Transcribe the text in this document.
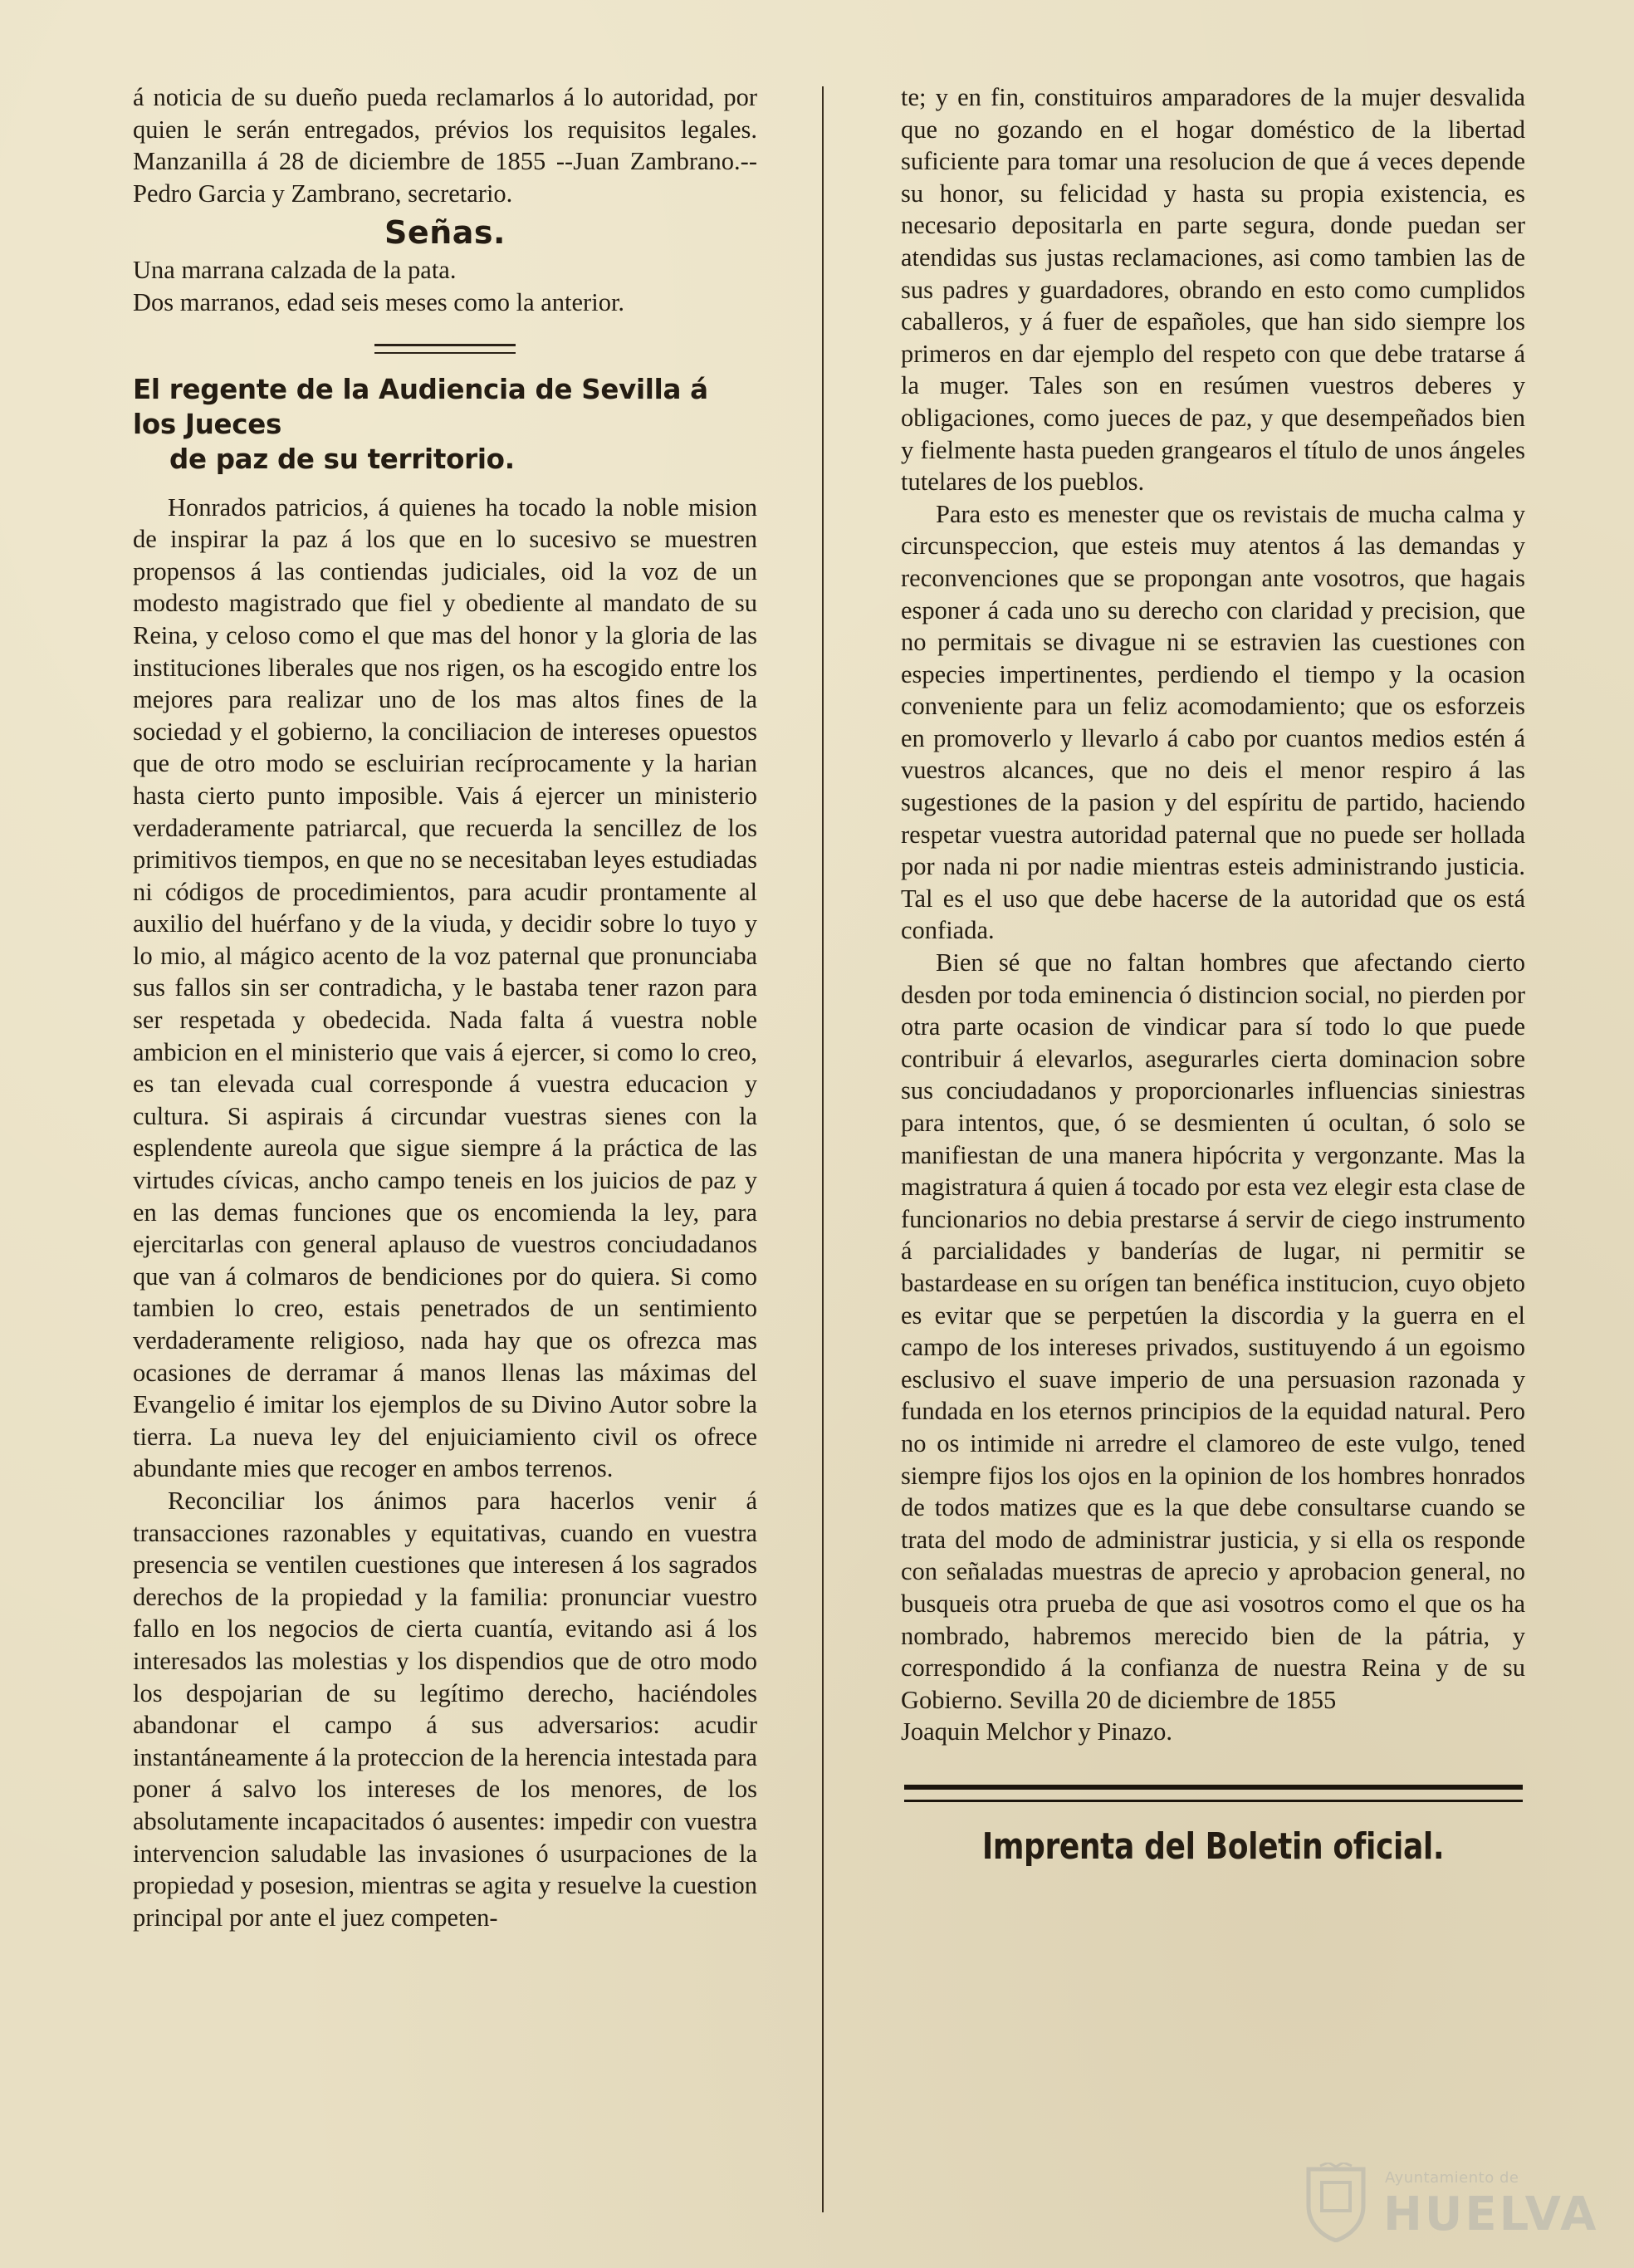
á noticia de su dueño pueda reclamarlos á lo autoridad, por quien le serán entregados, prévios los requisitos legales. Manzanilla á 28 de diciembre de 1855 --Juan Zambrano.--Pedro Garcia y Zambrano, secretario.

Señas.

Una marrana calzada de la pata.

Dos marranos, edad seis meses como la anterior.

El regente de la Audiencia de Sevilla á los Jueces
de paz de su territorio.

Honrados patricios, á quienes ha tocado la noble mision de inspirar la paz á los que en lo sucesivo se muestren propensos á las contiendas judiciales, oid la voz de un modesto magistrado que fiel y obediente al mandato de su Reina, y celoso como el que mas del honor y la gloria de las instituciones liberales que nos rigen, os ha escogido entre los mejores para realizar uno de los mas altos fines de la sociedad y el gobierno, la conciliacion de intereses opuestos que de otro modo se escluirian recíprocamente y la harian hasta cierto punto imposible. Vais á ejercer un ministerio verdaderamente patriarcal, que recuerda la sencillez de los primitivos tiempos, en que no se necesitaban leyes estudiadas ni códigos de procedimientos, para acudir prontamente al auxilio del huérfano y de la viuda, y decidir sobre lo tuyo y lo mio, al mágico acento de la voz paternal que pronunciaba sus fallos sin ser contradicha, y le bastaba tener razon para ser respetada y obedecida. Nada falta á vuestra noble ambicion en el ministerio que vais á ejercer, si como lo creo, es tan elevada cual corresponde á vuestra educacion y cultura. Si aspirais á circundar vuestras sienes con la esplendente aureola que sigue siempre á la práctica de las virtudes cívicas, ancho campo teneis en los juicios de paz y en las demas funciones que os encomienda la ley, para ejercitarlas con general aplauso de vuestros conciudadanos que van á colmaros de bendiciones por do quiera. Si como tambien lo creo, estais penetrados de un sentimiento verdaderamente religioso, nada hay que os ofrezca mas ocasiones de derramar á manos llenas las máximas del Evangelio é imitar los ejemplos de su Divino Autor sobre la tierra. La nueva ley del enjuiciamiento civil os ofrece abundante mies que recoger en ambos terrenos.

Reconciliar los ánimos para hacerlos venir á transacciones razonables y equitativas, cuando en vuestra presencia se ventilen cuestiones que interesen á los sagrados derechos de la propiedad y la familia: pronunciar vuestro fallo en los negocios de cierta cuantía, evitando asi á los interesados las molestias y los dispendios que de otro modo los despojarian de su legítimo derecho, haciéndoles abandonar el campo á sus adversarios: acudir instantáneamente á la proteccion de la herencia intestada para poner á salvo los intereses de los menores, de los absolutamente incapacitados ó ausentes: impedir con vuestra intervencion saludable las invasiones ó usurpaciones de la propiedad y posesion, mientras se agita y resuelve la cuestion principal por ante el juez competen-

te; y en fin, constituiros amparadores de la mujer desvalida que no gozando en el hogar doméstico de la libertad suficiente para tomar una resolucion de que á veces depende su honor, su felicidad y hasta su propia existencia, es necesario depositarla en parte segura, donde puedan ser atendidas sus justas reclamaciones, asi como tambien las de sus padres y guardadores, obrando en esto como cumplidos caballeros, y á fuer de españoles, que han sido siempre los primeros en dar ejemplo del respeto con que debe tratarse á la muger. Tales son en resúmen vuestros deberes y obligaciones, como jueces de paz, y que desempeñados bien y fielmente hasta pueden grangearos el título de unos ángeles tutelares de los pueblos.

Para esto es menester que os revistais de mucha calma y circunspeccion, que esteis muy atentos á las demandas y reconvenciones que se propongan ante vosotros, que hagais esponer á cada uno su derecho con claridad y precision, que no permitais se divague ni se estravien las cuestiones con especies impertinentes, perdiendo el tiempo y la ocasion conveniente para un feliz acomodamiento; que os esforzeis en promoverlo y llevarlo á cabo por cuantos medios estén á vuestros alcances, que no deis el menor respiro á las sugestiones de la pasion y del espíritu de partido, haciendo respetar vuestra autoridad paternal que no puede ser hollada por nada ni por nadie mientras esteis administrando justicia. Tal es el uso que debe hacerse de la autoridad que os está confiada.

Bien sé que no faltan hombres que afectando cierto desden por toda eminencia ó distincion social, no pierden por otra parte ocasion de vindicar para sí todo lo que puede contribuir á elevarlos, asegurarles cierta dominacion sobre sus conciudadanos y proporcionarles influencias siniestras para intentos, que, ó se desmienten ú ocultan, ó solo se manifiestan de una manera hipócrita y vergonzante. Mas la magistratura á quien á tocado por esta vez elegir esta clase de funcionarios no debia prestarse á servir de ciego instrumento á parcialidades y banderías de lugar, ni permitir se bastardease en su orígen tan benéfica institucion, cuyo objeto es evitar que se perpetúen la discordia y la guerra en el campo de los intereses privados, sustituyendo á un egoismo esclusivo el suave imperio de una persuasion razonada y fundada en los eternos principios de la equidad natural. Pero no os intimide ni arredre el clamoreo de este vulgo, tened siempre fijos los ojos en la opinion de los hombres honrados de todos matizes que es la que debe consultarse cuando se trata del modo de administrar justicia, y si ella os responde con señaladas muestras de aprecio y aprobacion general, no busqueis otra prueba de que asi vosotros como el que os ha nombrado, habremos merecido bien de la pátria, y correspondido á la confianza de nuestra Reina y de su Gobierno. Sevilla 20 de diciembre de 1855

Joaquin Melchor y Pinazo.

Imprenta del Boletin oficial.
Ayuntamiento de
HUELVA
